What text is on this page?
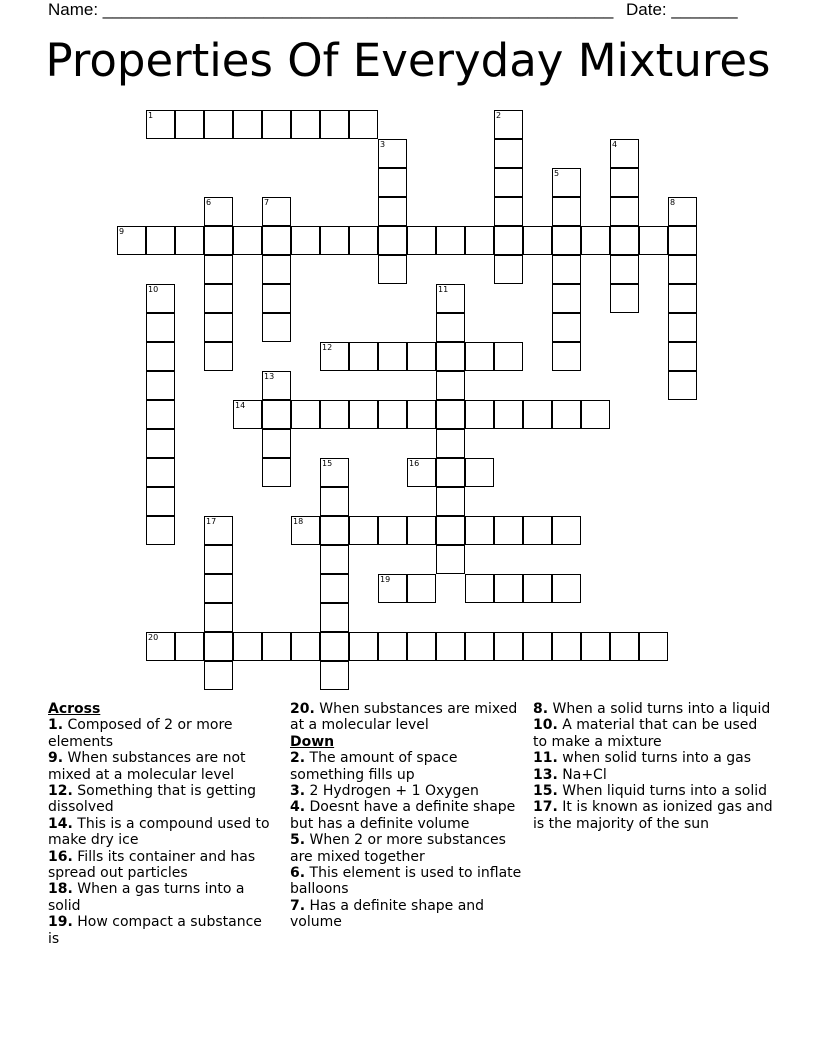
Name: ______________________________________________________ Date: _______
Properties Of Everyday Mixtures
1	2
3	4
5
6	7	8
9
10	11
12
13
14
15	16
17	18
19
20
Across
1. Composed of 2 or more elements
9. When substances are not mixed at a molecular level
12. Something that is getting dissolved
14. This is a compound used to make dry ice
16. Fills its container and has spread out particles
18. When a gas turns into a solid
19. How compact a substance is
20. When substances are mixed at a molecular level
Down
2. The amount of space something fills up
3. 2 Hydrogen + 1 Oxygen
4. Doesnt have a definite shape but has a definite volume
5. When 2 or more substances are mixed together
6. This element is used to inflate balloons
7. Has a definite shape and volume
8. When a solid turns into a liquid
10. A material that can be used to make a mixture
11. when solid turns into a gas
13. Na+Cl
15. When liquid turns into a solid
17. It is known as ionized gas and is the majority of the sun
